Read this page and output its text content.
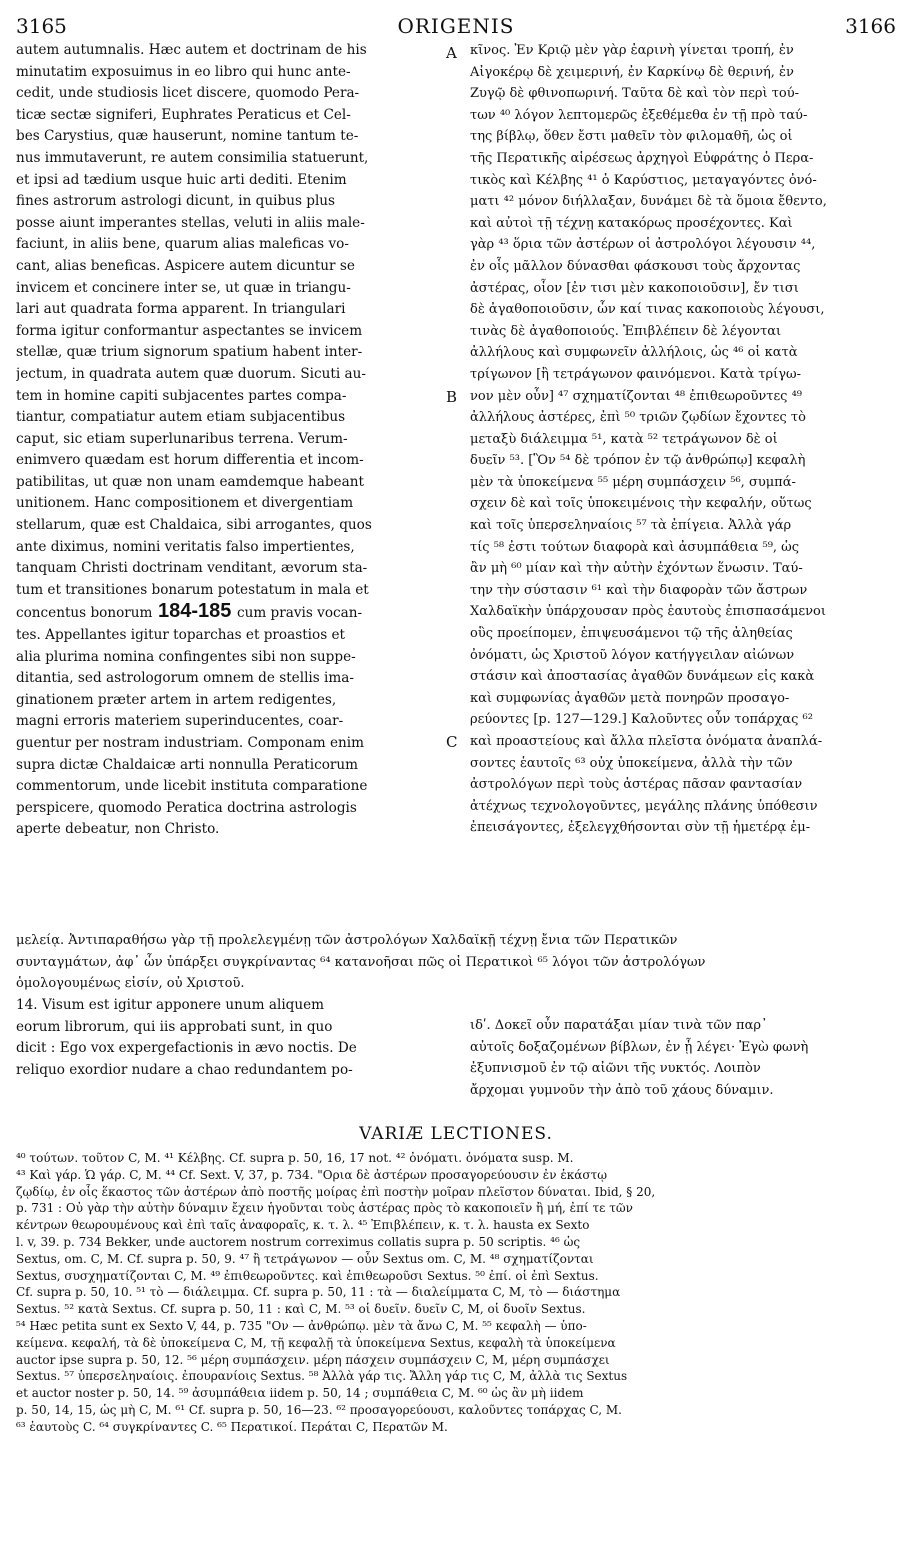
3165	ORIGENIS	3166
autem autumnalis. Hæc autem et doctrinam de his
minutatim exposuimus in eo libro qui hunc ante-
cedit, unde studiosis licet discere, quomodo Pera-
ticæ sectæ signiferi, Euphrates Peraticus et Cel-
bes Carystius, quæ hauserunt, nomine tantum te-
nus immutaverunt, re autem consimilia statuerunt,
et ipsi ad tædium usque huic arti dediti. Etenim
fines astrorum astrologi dicunt, in quibus plus
posse aiunt imperantes stellas, veluti in aliis male-
faciunt, in aliis bene, quarum alias maleficas vo-
cant, alias beneficas. Aspicere autem dicuntur se
invicem et concinere inter se, ut quæ in triangu-
lari aut quadrata forma apparent. In triangulari
forma igitur conformantur aspectantes se invicem
stellæ, quæ trium signorum spatium habent inter-
jectum, in quadrata autem quæ duorum. Sicuti au-
tem in homine capiti subjacentes partes compa-
tiantur, compatiatur autem etiam subjacentibus
caput, sic etiam superlunaribus terrena. Verum-
enimvero quædam est horum differentia et incom-
patibilitas, ut quæ non unam eamdemque habeant
unitionem. Hanc compositionem et divergentiam
stellarum, quæ est Chaldaica, sibi arrogantes, quos
ante diximus, nomini veritatis falso impertientes,
tanquam Christi doctrinam venditant, ævorum sta-
tum et transitiones bonarum potestatum in mala et
concentus bonorum 184-185 cum pravis vocan-
tes. Appellantes igitur toparchas et proastios et
alia plurima nomina confingentes sibi non suppe-
ditantia, sed astrologorum omnem de stellis ima-
ginationem præter artem in artem redigentes,
magni erroris materiem superinducentes, coar-
guentur per nostram industriam. Componam enim
supra dictæ Chaldaicæ arti nonnulla Peraticorum
commentorum, unde licebit instituta comparatione
perspicere, quomodo Peratica doctrina astrologis
aperte debeatur, non Christo.
κῖνος. Ἐν Κριῷ μὲν γὰρ ἐαρινὴ γίνεται τροπή, ἐν
Αἰγοκέρῳ δὲ χειμερινή, ἐν Καρκίνῳ δὲ θερινή, ἐν
Ζυγῷ δὲ φθινοπωρινή. Ταῦτα δὲ καὶ τὸν περὶ τού-
των ⁴⁰ λόγον λεπτομερῶς ἐξεθέμεθα ἐν τῇ πρὸ ταύ-
της βίβλῳ, ὅθεν ἔστι μαθεῖν τὸν φιλομαθῆ, ὡς οἱ
τῆς Περατικῆς αἱρέσεως ἀρχηγοὶ Εὐφράτης ὁ Περα-
τικὸς καὶ Κέλβης ⁴¹ ὁ Καρύστιος, μεταγαγόντες ὀνό-
ματι ⁴² μόνον διήλλαξαν, δυνάμει δὲ τὰ ὅμοια ἔθεντο,
καὶ αὐτοὶ τῇ τέχνῃ κατακόρως προσέχοντες. Καὶ
γὰρ ⁴³ ὅρια τῶν ἀστέρων οἱ ἀστρολόγοι λέγουσιν ⁴⁴,
ἐν οἷς μᾶλλον δύνασθαι φάσκουσι τοὺς ἄρχοντας
ἀστέρας, οἷον [ἐν τισι μὲν κακοποιοῦσιν], ἔν τισι
δὲ ἀγαθοποιοῦσιν, ὧν καί τινας κακοποιοὺς λέγουσι,
τινὰς δὲ ἀγαθοποιούς. Ἐπιβλέπειν δὲ λέγονται
ἀλλήλους καὶ συμφωνεῖν ἀλλήλοις, ὡς ⁴⁶ οἱ κατὰ
τρίγωνον [ἢ τετράγωνον φαινόμενοι. Κατὰ τρίγω-
νον μὲν οὖν] ⁴⁷ σχηματίζονται ⁴⁸ ἐπιθεωροῦντες ⁴⁹
ἀλλήλους ἀστέρες, ἐπὶ ⁵⁰ τριῶν ζῳδίων ἔχοντες τὸ
μεταξὺ διάλειμμα ⁵¹, κατὰ ⁵² τετράγωνον δὲ οἱ
δυεῖν ⁵³. [Ὃν ⁵⁴ δὲ τρόπον ἐν τῷ ἀνθρώπῳ] κεφαλὴ
μὲν τὰ ὑποκείμενα ⁵⁵ μέρη συμπάσχειν ⁵⁶, συμπά-
σχειν δὲ καὶ τοῖς ὑποκειμένοις τὴν κεφαλήν, οὕτως
καὶ τοῖς ὑπερσεληναίοις ⁵⁷ τὰ ἐπίγεια. Ἀλλὰ γάρ
τίς ⁵⁸ ἐστι τούτων διαφορὰ καὶ ἀσυμπάθεια ⁵⁹, ὡς
ἂν μὴ ⁶⁰ μίαν καὶ τὴν αὐτὴν ἐχόντων ἕνωσιν. Ταύ-
την τὴν σύστασιν ⁶¹ καὶ τὴν διαφορὰν τῶν ἄστρων
Χαλδαϊκὴν ὑπάρχουσαν πρὸς ἑαυτοὺς ἐπισπασάμενοι
οὓς προείπομεν, ἐπιψευσάμενοι τῷ τῆς ἀληθείας
ὀνόματι, ὡς Χριστοῦ λόγον κατήγγειλαν αἰώνων
στάσιν καὶ ἀποστασίας ἀγαθῶν δυνάμεων εἰς κακὰ
καὶ συμφωνίας ἀγαθῶν μετὰ πονηρῶν προσαγο-
ρεύοντες [p. 127—129.] Καλοῦντες οὖν τοπάρχας ⁶²
καὶ προαστείους καὶ ἄλλα πλεῖστα ὀνόματα ἀναπλά-
σοντες ἑαυτοῖς ⁶³ οὐχ ὑποκείμενα, ἀλλὰ τὴν τῶν
ἀστρολόγων περὶ τοὺς ἀστέρας πᾶσαν φαντασίαν
ἀτέχνως τεχνολογοῦντες, μεγάλης πλάνης ὑπόθεσιν
ἐπεισάγοντες, ἐξελεγχθήσονται σὺν τῇ ἡμετέρᾳ ἐμ-
A
B
C
μελείᾳ. Ἀντιπαραθήσω γὰρ τῇ προλελεγμένῃ τῶν ἀστρολόγων Χαλδαϊκῇ τέχνῃ ἔνια τῶν Περατικῶν
συνταγμάτων, ἀφ᾽ ὧν ὑπάρξει συγκρίναντας ⁶⁴ κατανοῆσαι πῶς οἱ Περατικοὶ ⁶⁵ λόγοι τῶν ἀστρολόγων
ὁμολογουμένως εἰσίν, οὐ Χριστοῦ.
14. Visum est igitur apponere unum aliquem
eorum librorum, qui iis approbati sunt, in quo
dicit : Ego vox expergefactionis in ævo noctis. De
reliquo exordior nudare a chao redundantem po-
ιδʹ. Δοκεῖ οὖν παρατάξαι μίαν τινὰ τῶν παρ᾽
αὐτοῖς δοξαζομένων βίβλων, ἐν ᾗ λέγει· Ἐγὼ φωνὴ
ἐξυπνισμοῦ ἐν τῷ αἰῶνι τῆς νυκτός. Λοιπὸν
ἄρχομαι γυμνοῦν τὴν ἀπὸ τοῦ χάους δύναμιν.
VARIÆ LECTIONES.
⁴⁰ τούτων. τοῦτον C, M. ⁴¹ Κέλβης. Cf. supra p. 50, 16, 17 not. ⁴² ὀνόματι. ὀνόματα susp. M.
⁴³ Καὶ γάρ. Ὡ γάρ. C, M. ⁴⁴ Cf. Sext. V, 37, p. 734. "Ορια δὲ ἀστέρων προσαγορεύουσιν ἐν ἑκάστῳ
ζῳδίῳ, ἐν οἷς ἕκαστος τῶν ἀστέρων ἀπὸ ποστῆς μοίρας ἐπὶ ποστὴν μοῖραν πλεῖστον δύναται. Ibid, § 20,
p. 731 : Οὐ γὰρ τὴν αὐτὴν δύναμιν ἔχειν ἡγοῦνται τοὺς ἀστέρας πρὸς τὸ κακοποιεῖν ἢ μή, ἐπί τε τῶν
κέντρων θεωρουμένους καὶ ἐπὶ ταῖς ἀναφοραῖς, κ. τ. λ. ⁴⁵ Ἐπιβλέπειν, κ. τ. λ. hausta ex Sexto
l. v, 39. p. 734 Bekker, unde auctorem nostrum correximus collatis supra p. 50 scriptis. ⁴⁶ ὡς
Sextus, om. C, M. Cf. supra p. 50, 9. ⁴⁷ ἢ τετράγωνον — οὖν Sextus om. C, M. ⁴⁸ σχηματίζονται
Sextus, συσχηματίζονται C, M. ⁴⁹ ἐπιθεωροῦντες. καὶ ἐπιθεωροῦσι Sextus. ⁵⁰ ἐπί. οἱ ἐπὶ Sextus.
Cf. supra p. 50, 10. ⁵¹ τὸ — διάλειμμα. Cf. supra p. 50, 11 : τὰ — διαλείμματα C, M, τὸ — διάστημα
Sextus. ⁵² κατὰ Sextus. Cf. supra p. 50, 11 : καὶ C, M. ⁵³ οἱ δυεῖν. δυεῖν C, M, οἱ δυοῖν Sextus.
⁵⁴ Hæc petita sunt ex Sexto V, 44, p. 735 "Ον — ἀνθρώπῳ. μὲν τὰ ἄνω C, M. ⁵⁵ κεφαλὴ — ὑπο-
κείμενα. κεφαλή, τὰ δὲ ὑποκείμενα C, M, τῇ κεφαλῇ τὰ ὑποκείμενα Sextus, κεφαλὴ τὰ ὑποκείμενα
auctor ipse supra p. 50, 12. ⁵⁶ μέρη συμπάσχειν. μέρη πάσχειν συμπάσχειν C, M, μέρη συμπάσχει
Sextus. ⁵⁷ ὑπερσεληναίοις. ἐπουρανίοις Sextus. ⁵⁸ Ἀλλὰ γάρ τις. Ἄλλη γάρ τις C, M, ἀλλὰ τις Sextus
et auctor noster p. 50, 14. ⁵⁹ ἀσυμπάθεια iidem p. 50, 14 ; συμπάθεια C, M. ⁶⁰ ὡς ἂν μὴ iidem
p. 50, 14, 15, ὡς μὴ C, M. ⁶¹ Cf. supra p. 50, 16—23. ⁶² προσαγορεύουσι, καλοῦντες τοπάρχας C, M.
⁶³ ἑαυτοὺς C. ⁶⁴ συγκρίναντες C. ⁶⁵ Περατικοί. Περάται C, Περατῶν M.
